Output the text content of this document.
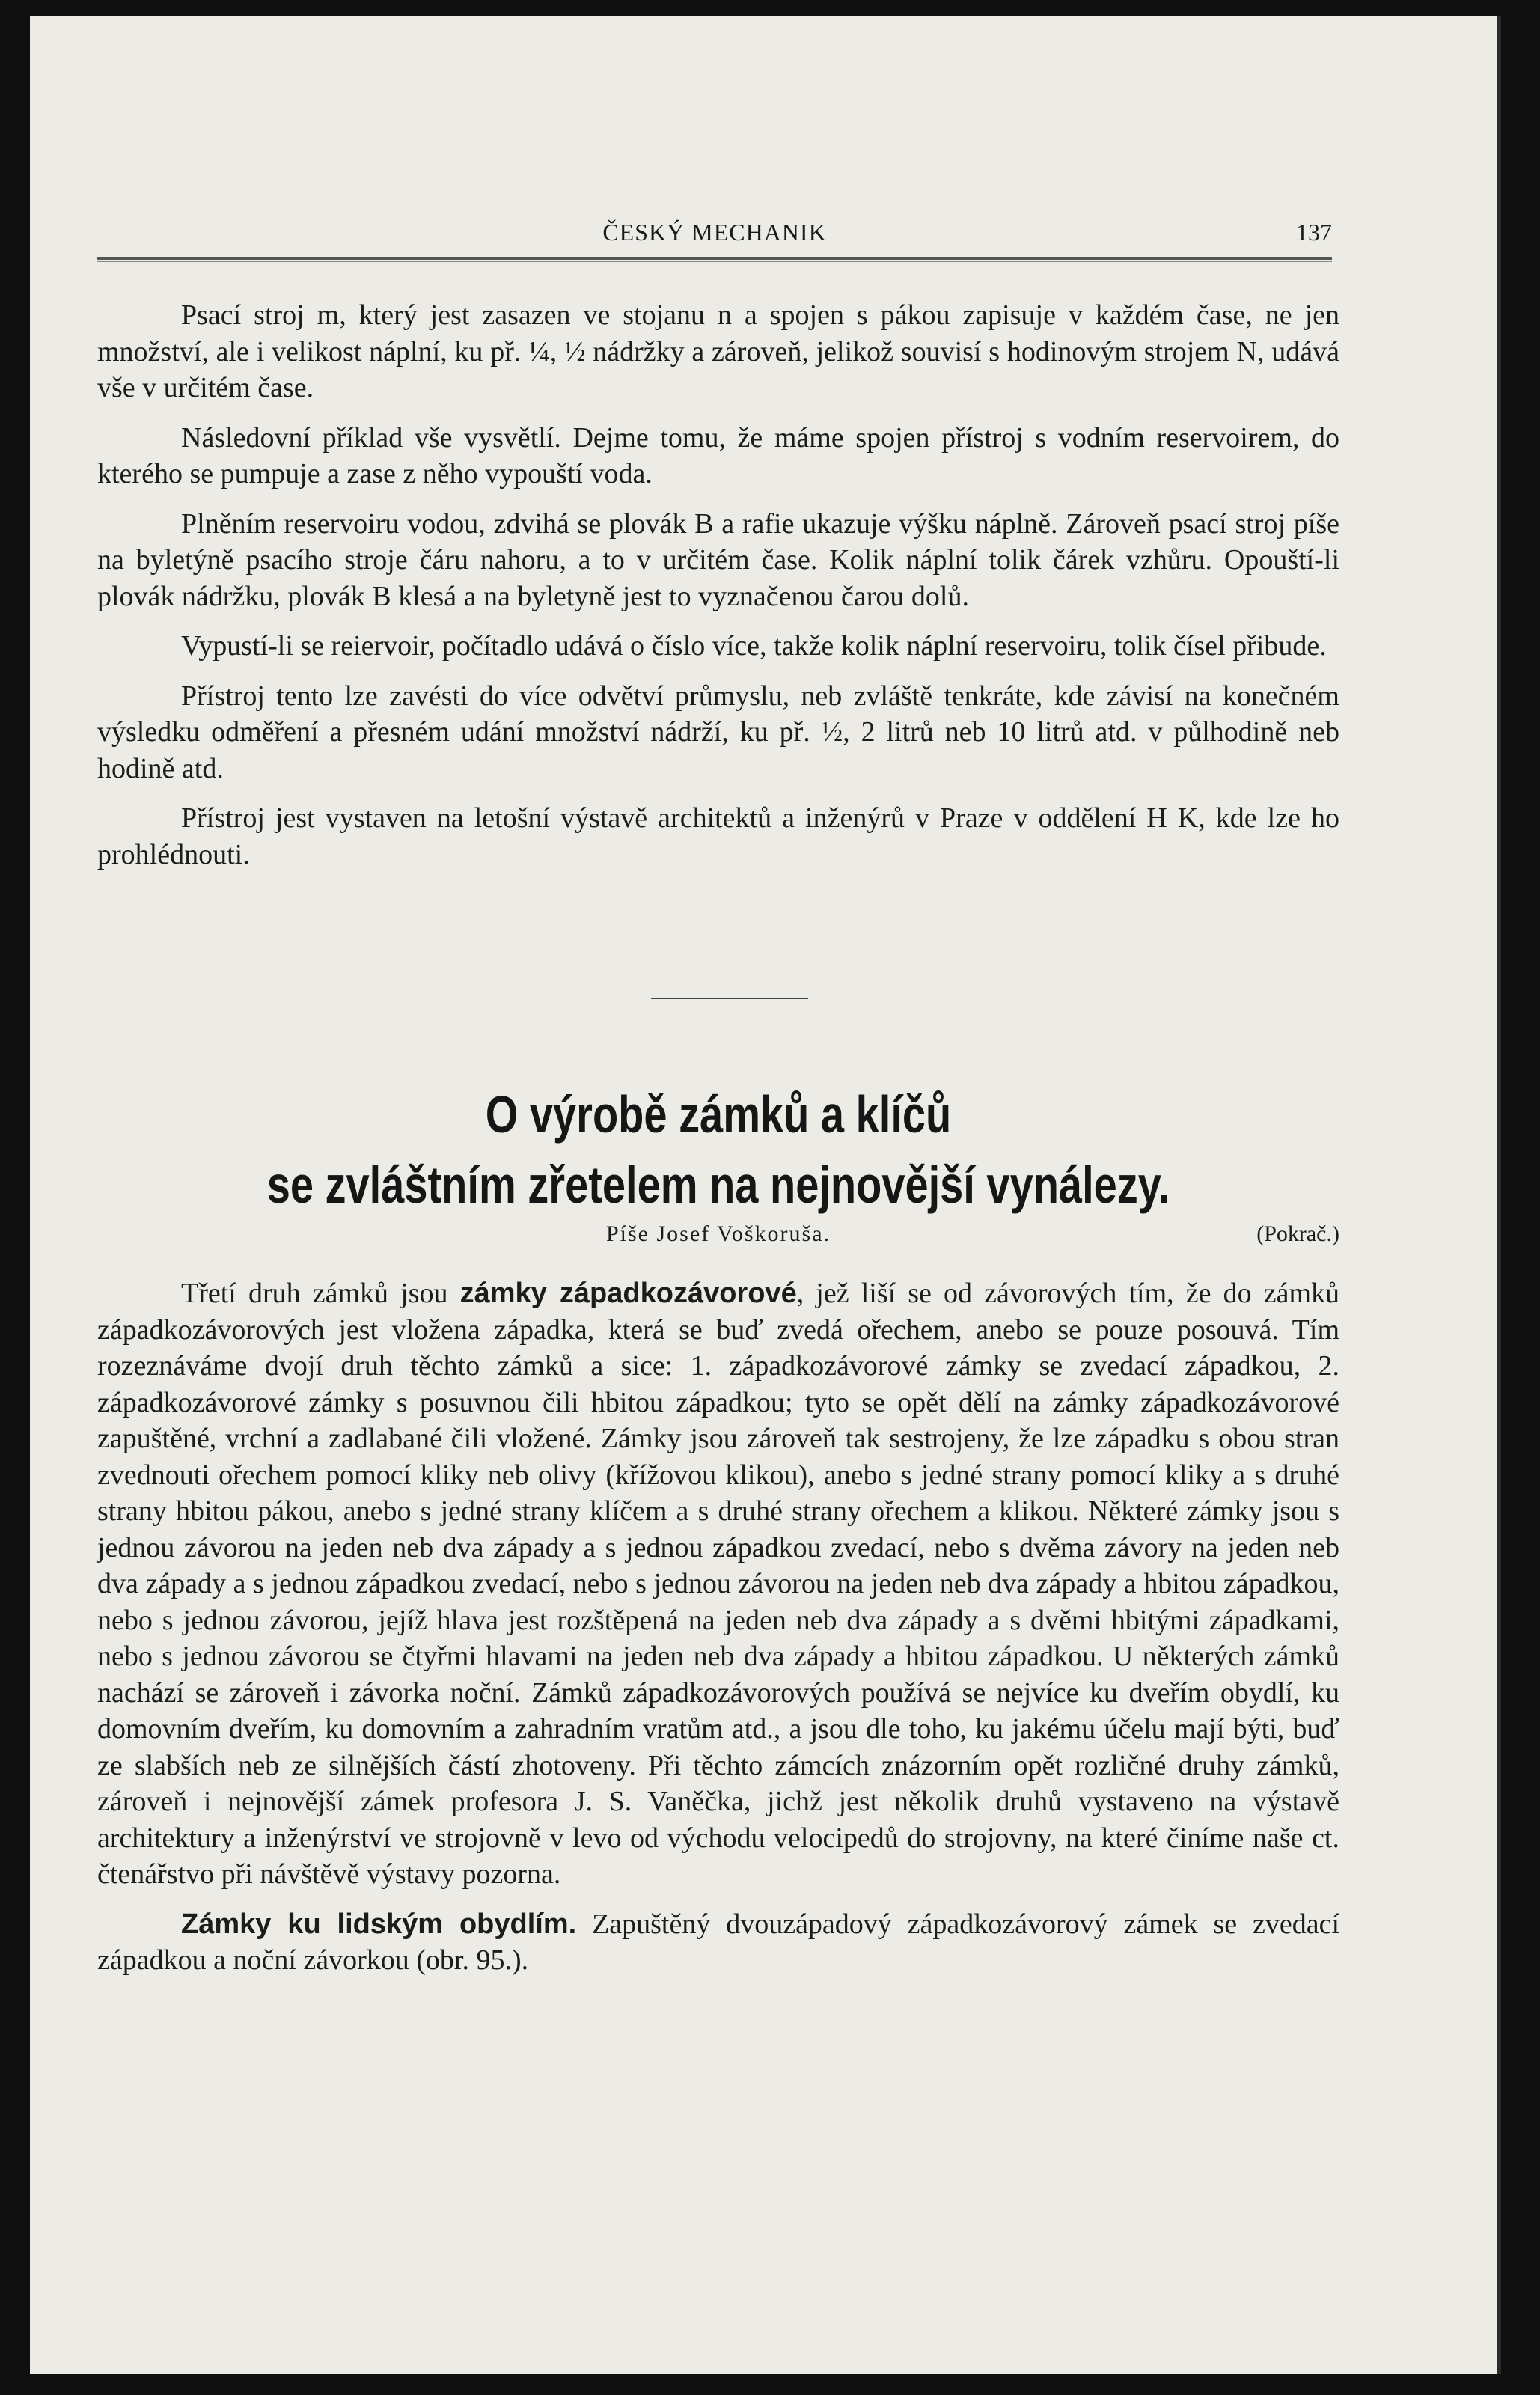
ČESKÝ MECHANIK	137

Psací stroj m, který jest zasazen ve stojanu n a spojen s pákou zapisuje v každém čase, ne jen množství, ale i velikost náplní, ku př. ¼, ½ nádržky a zároveň, jelikož souvisí s hodinovým strojem N, udává vše v určitém čase.

Následovní příklad vše vysvětlí. Dejme tomu, že máme spojen přístroj s vodním reservoirem, do kterého se pumpuje a zase z něho vypouští voda.

Plněním reservoiru vodou, zdvihá se plovák B a rafie ukazuje výšku náplně. Zároveň psací stroj píše na byletýně psacího stroje čáru nahoru, a to v určitém čase. Kolik náplní tolik čárek vzhůru. Opouští-li plovák nádržku, plovák B klesá a na byletyně jest to vyznačenou čarou dolů.

Vypustí-li se reiervoir, počítadlo udává o číslo více, takže kolik náplní reservoiru, tolik čísel přibude.

Přístroj tento lze zavésti do více odvětví průmyslu, neb zvláště tenkráte, kde závisí na konečném výsledku odměření a přesném udání množství nádrží, ku př. ½, 2 litrů neb 10 litrů atd. v půlhodině neb hodině atd.

Přístroj jest vystaven na letošní výstavě architektů a inženýrů v Praze v oddělení H K, kde lze ho prohlédnouti.

O výrobě zámků a klíčů
se zvláštním zřetelem na nejnovější vynálezy.
Píše Josef Voškoruša.	(Pokrač.)

Třetí druh zámků jsou zámky západkozávorové, jež liší se od závorových tím, že do zámků západkozávorových jest vložena západka, která se buď zvedá ořechem, anebo se pouze posouvá. Tím rozeznáváme dvojí druh těchto zámků a sice: 1. západkozávorové zámky se zvedací západkou, 2. západkozávorové zámky s posuvnou čili hbitou západkou; tyto se opět dělí na zámky západkozávorové zapuštěné, vrchní a zadlabané čili vložené. Zámky jsou zároveň tak sestrojeny, že lze západku s obou stran zvednouti ořechem pomocí kliky neb olivy (křížovou klikou), anebo s jedné strany pomocí kliky a s druhé strany hbitou pákou, anebo s jedné strany klíčem a s druhé strany ořechem a klikou. Některé zámky jsou s jednou závorou na jeden neb dva západy a s jednou západkou zvedací, nebo s dvěma závory na jeden neb dva západy a s jednou západkou zvedací, nebo s jednou závorou na jeden neb dva západy a hbitou západkou, nebo s jednou závorou, jejíž hlava jest rozštěpená na jeden neb dva západy a s dvěmi hbitými západkami, nebo s jednou závorou se čtyřmi hlavami na jeden neb dva západy a hbitou západkou. U některých zámků nachází se zároveň i závorka noční. Zámků západkozávorových používá se nejvíce ku dveřím obydlí, ku domovním dveřím, ku domovním a zahradním vratům atd., a jsou dle toho, ku jakému účelu mají býti, buď ze slabších neb ze silnějších částí zhotoveny. Při těchto zámcích znázorním opět rozličné druhy zámků, zároveň i nejnovější zámek profesora J. S. Vaněčka, jichž jest několik druhů vystaveno na výstavě architektury a inženýrství ve strojovně v levo od východu velocipedů do strojovny, na které činíme naše ct. čtenářstvo při návštěvě výstavy pozorna.

Zámky ku lidským obydlím. Zapuštěný dvouzápadový západkozávorový zámek se zvedací západkou a noční závorkou (obr. 95.).
